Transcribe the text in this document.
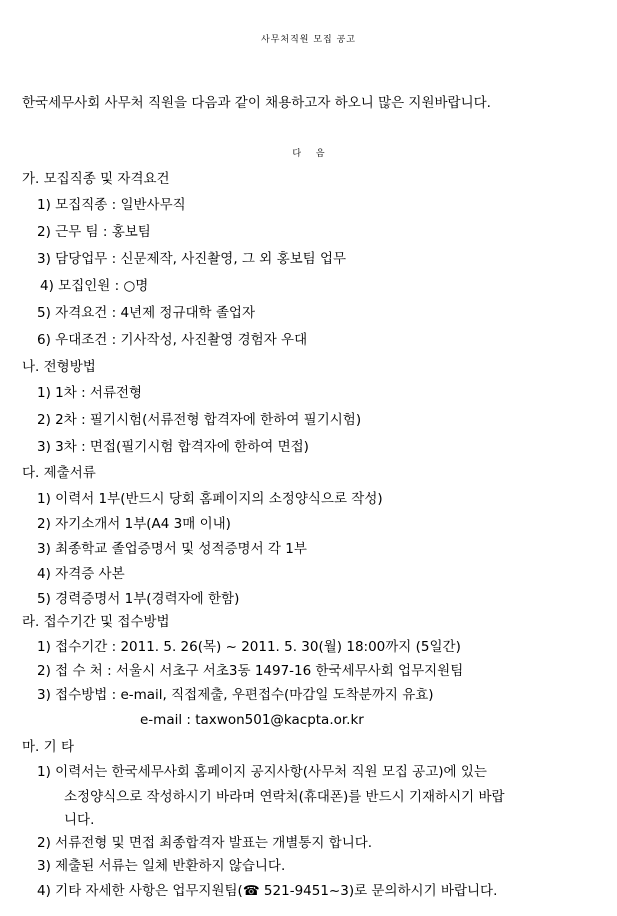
사무처직원 모집 공고
한국세무사회 사무처 직원을 다음과 같이 채용하고자 하오니 많은 지원바랍니다.
다 음
가. 모집직종 및 자격요건
1) 모집직종 : 일반사무직
2) 근무 팀 : 홍보팀
3) 담당업무 : 신문제작, 사진촬영, 그 외 홍보팀 업무
4) 모집인원 : ○명
5) 자격요건 : 4년제 정규대학 졸업자
6) 우대조건 : 기사작성, 사진촬영 경험자 우대
나. 전형방법
1) 1차 : 서류전형
2) 2차 : 필기시험(서류전형 합격자에 한하여 필기시험)
3) 3차 : 면접(필기시험 합격자에 한하여 면접)
다. 제출서류
1) 이력서 1부(반드시 당회 홈페이지의 소정양식으로 작성)
2) 자기소개서 1부(A4 3매 이내)
3) 최종학교 졸업증명서 및 성적증명서 각 1부
4) 자격증 사본
5) 경력증명서 1부(경력자에 한함)
라. 접수기간 및 접수방법
1) 접수기간 : 2011. 5. 26(목) ~ 2011. 5. 30(월) 18:00까지 (5일간)
2) 접 수 처 : 서울시 서초구 서초3동 1497-16 한국세무사회 업무지원팀
3) 접수방법 : e-mail, 직접제출, 우편접수(마감일 도착분까지 유효)
e-mail : taxwon501@kacpta.or.kr
마. 기 타
1) 이력서는 한국세무사회 홈페이지 공지사항(사무처 직원 모집 공고)에 있는
소정양식으로 작성하시기 바라며 연락처(휴대폰)를 반드시 기재하시기 바랍
니다.
2) 서류전형 및 면접 최종합격자 발표는 개별통지 합니다.
3) 제출된 서류는 일체 반환하지 않습니다.
4) 기타 자세한 사항은 업무지원팀(☎ 521-9451~3)로 문의하시기 바랍니다.
